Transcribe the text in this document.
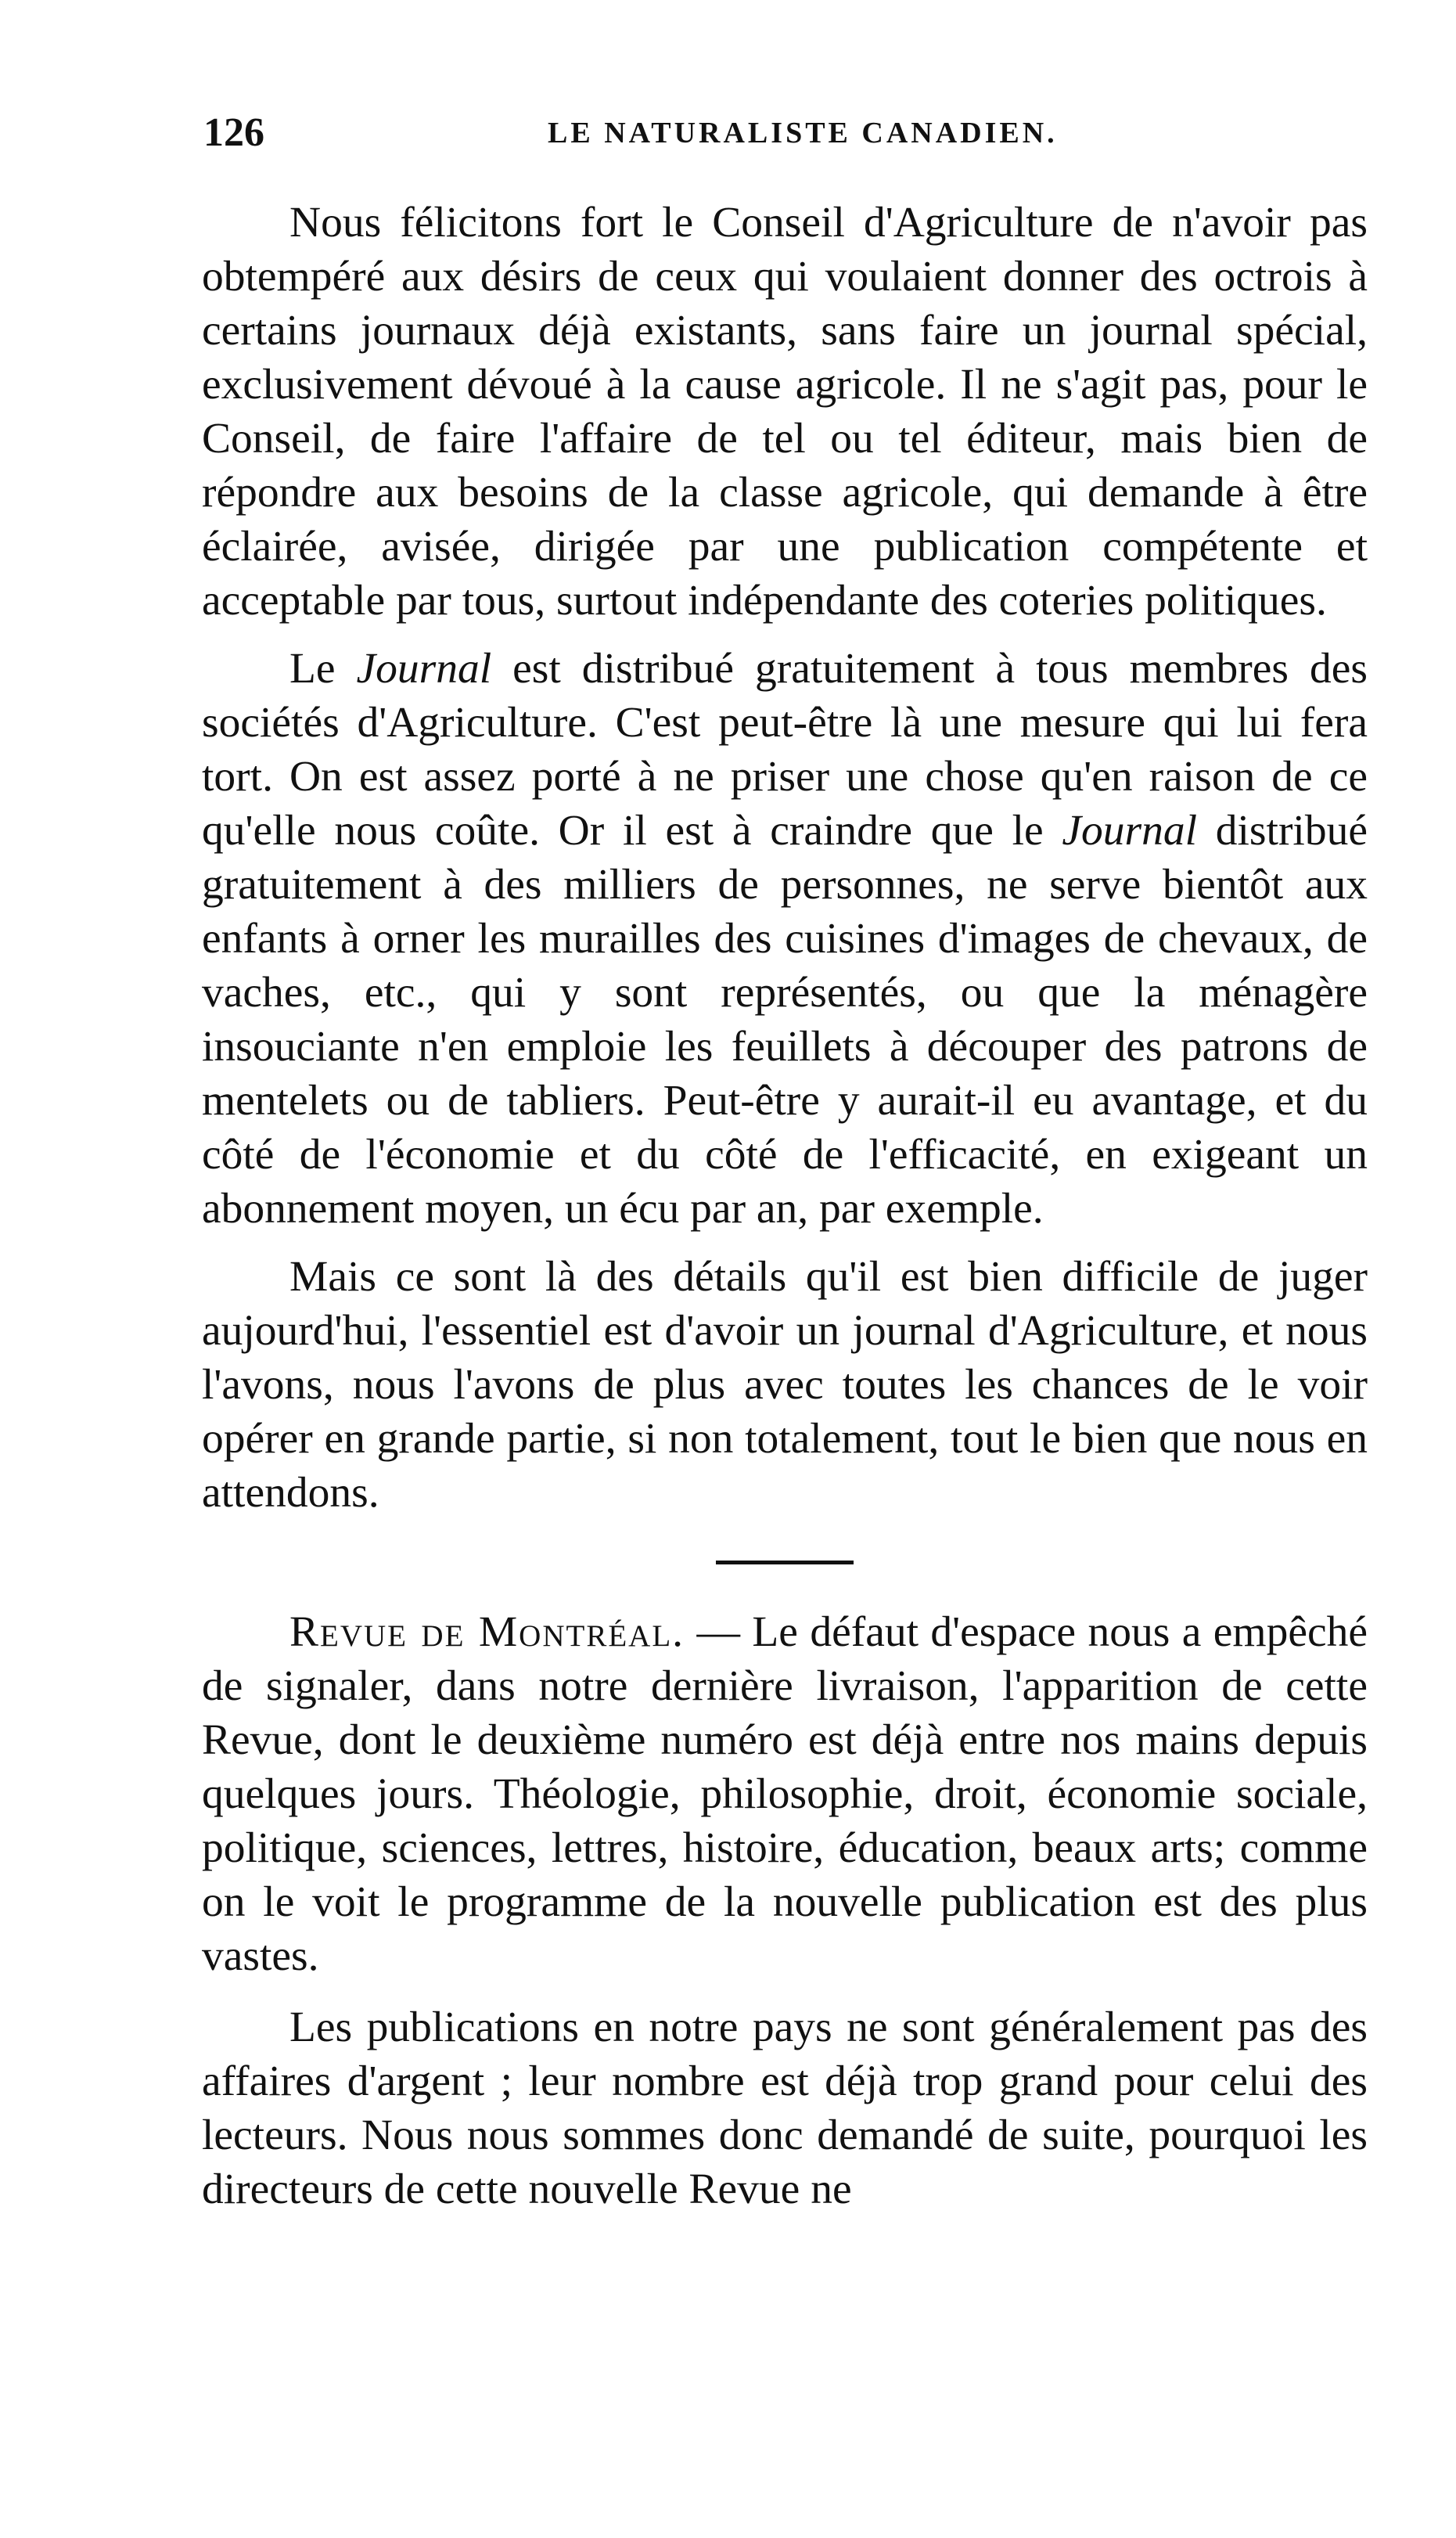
126	LE NATURALISTE CANADIEN.

Nous félicitons fort le Conseil d'Agriculture de n'avoir pas obtempéré aux désirs de ceux qui voulaient donner des octrois à certains journaux déjà existants, sans faire un journal spécial, exclusivement dévoué à la cause agricole. Il ne s'agit pas, pour le Conseil, de faire l'affaire de tel ou tel éditeur, mais bien de répondre aux besoins de la classe agricole, qui demande à être éclairée, avisée, dirigée par une publication compétente et acceptable par tous, surtout indépendante des coteries politiques.

Le Journal est distribué gratuitement à tous membres des sociétés d'Agriculture. C'est peut-être là une mesure qui lui fera tort. On est assez porté à ne priser une chose qu'en raison de ce qu'elle nous coûte. Or il est à craindre que le Journal distribué gratuitement à des milliers de personnes, ne serve bientôt aux enfants à orner les murailles des cuisines d'images de chevaux, de vaches, etc., qui y sont représentés, ou que la ménagère insouciante n'en emploie les feuillets à découper des patrons de mentelets ou de tabliers. Peut-être y aurait-il eu avantage, et du côté de l'économie et du côté de l'efficacité, en exigeant un abonnement moyen, un écu par an, par exemple.

Mais ce sont là des détails qu'il est bien difficile de juger aujourd'hui, l'essentiel est d'avoir un journal d'Agriculture, et nous l'avons, nous l'avons de plus avec toutes les chances de le voir opérer en grande partie, si non totalement, tout le bien que nous en attendons.

Revue de Montréal. — Le défaut d'espace nous a empêché de signaler, dans notre dernière livraison, l'apparition de cette Revue, dont le deuxième numéro est déjà entre nos mains depuis quelques jours. Théologie, philosophie, droit, économie sociale, politique, sciences, lettres, histoire, éducation, beaux arts; comme on le voit le programme de la nouvelle publication est des plus vastes.

Les publications en notre pays ne sont généralement pas des affaires d'argent ; leur nombre est déjà trop grand pour celui des lecteurs. Nous nous sommes donc demandé de suite, pourquoi les directeurs de cette nouvelle Revue ne
